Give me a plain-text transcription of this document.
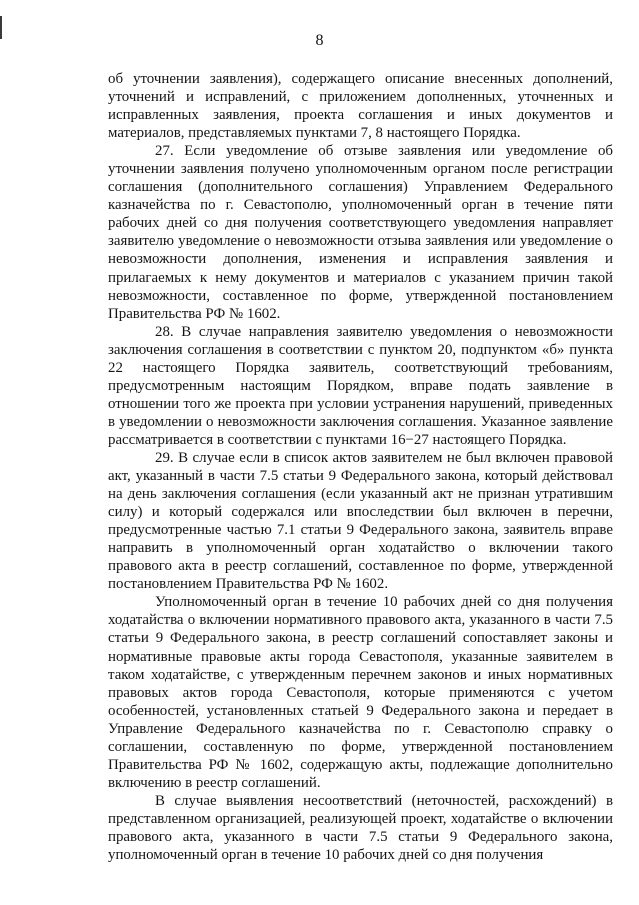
8

об уточнении заявления), содержащего описание внесенных дополнений, уточнений и исправлений, с приложением дополненных, уточненных и исправленных заявления, проекта соглашения и иных документов и материалов, представляемых пунктами 7, 8 настоящего Порядка.

27. Если уведомление об отзыве заявления или уведомление об уточнении заявления получено уполномоченным органом после регистрации соглашения (дополнительного соглашения) Управлением Федерального казначейства по г. Севастополю, уполномоченный орган в течение пяти рабочих дней со дня получения соответствующего уведомления направляет заявителю уведомление о невозможности отзыва заявления или уведомление о невозможности дополнения, изменения и исправления заявления и прилагаемых к нему документов и материалов с указанием причин такой невозможности, составленное по форме, утвержденной постановлением Правительства РФ № 1602.

28. В случае направления заявителю уведомления о невозможности заключения соглашения в соответствии с пунктом 20, подпунктом «б» пункта 22 настоящего Порядка заявитель, соответствующий требованиям, предусмотренным настоящим Порядком, вправе подать заявление в отношении того же проекта при условии устранения нарушений, приведенных в уведомлении о невозможности заключения соглашения. Указанное заявление рассматривается в соответствии с пунктами 16−27 настоящего Порядка.

29. В случае если в список актов заявителем не был включен правовой акт, указанный в части 7.5 статьи 9 Федерального закона, который действовал на день заключения соглашения (если указанный акт не признан утратившим силу) и который содержался или впоследствии был включен в перечни, предусмотренные частью 7.1 статьи 9 Федерального закона, заявитель вправе направить в уполномоченный орган ходатайство о включении такого правового акта в реестр соглашений, составленное по форме, утвержденной постановлением Правительства РФ № 1602.

Уполномоченный орган в течение 10 рабочих дней со дня получения ходатайства о включении нормативного правового акта, указанного в части 7.5 статьи 9 Федерального закона, в реестр соглашений сопоставляет законы и нормативные правовые акты города Севастополя, указанные заявителем в таком ходатайстве, с утвержденным перечнем законов и иных нормативных правовых актов города Севастополя, которые применяются с учетом особенностей, установленных статьей 9 Федерального закона и передает в Управление Федерального казначейства по г. Севастополю справку о соглашении, составленную по форме, утвержденной постановлением Правительства РФ № 1602, содержащую акты, подлежащие дополнительно включению в реестр соглашений.

В случае выявления несоответствий (неточностей, расхождений) в представленном организацией, реализующей проект, ходатайстве о включении правового акта, указанного в части 7.5 статьи 9 Федерального закона, уполномоченный орган в течение 10 рабочих дней со дня получения
